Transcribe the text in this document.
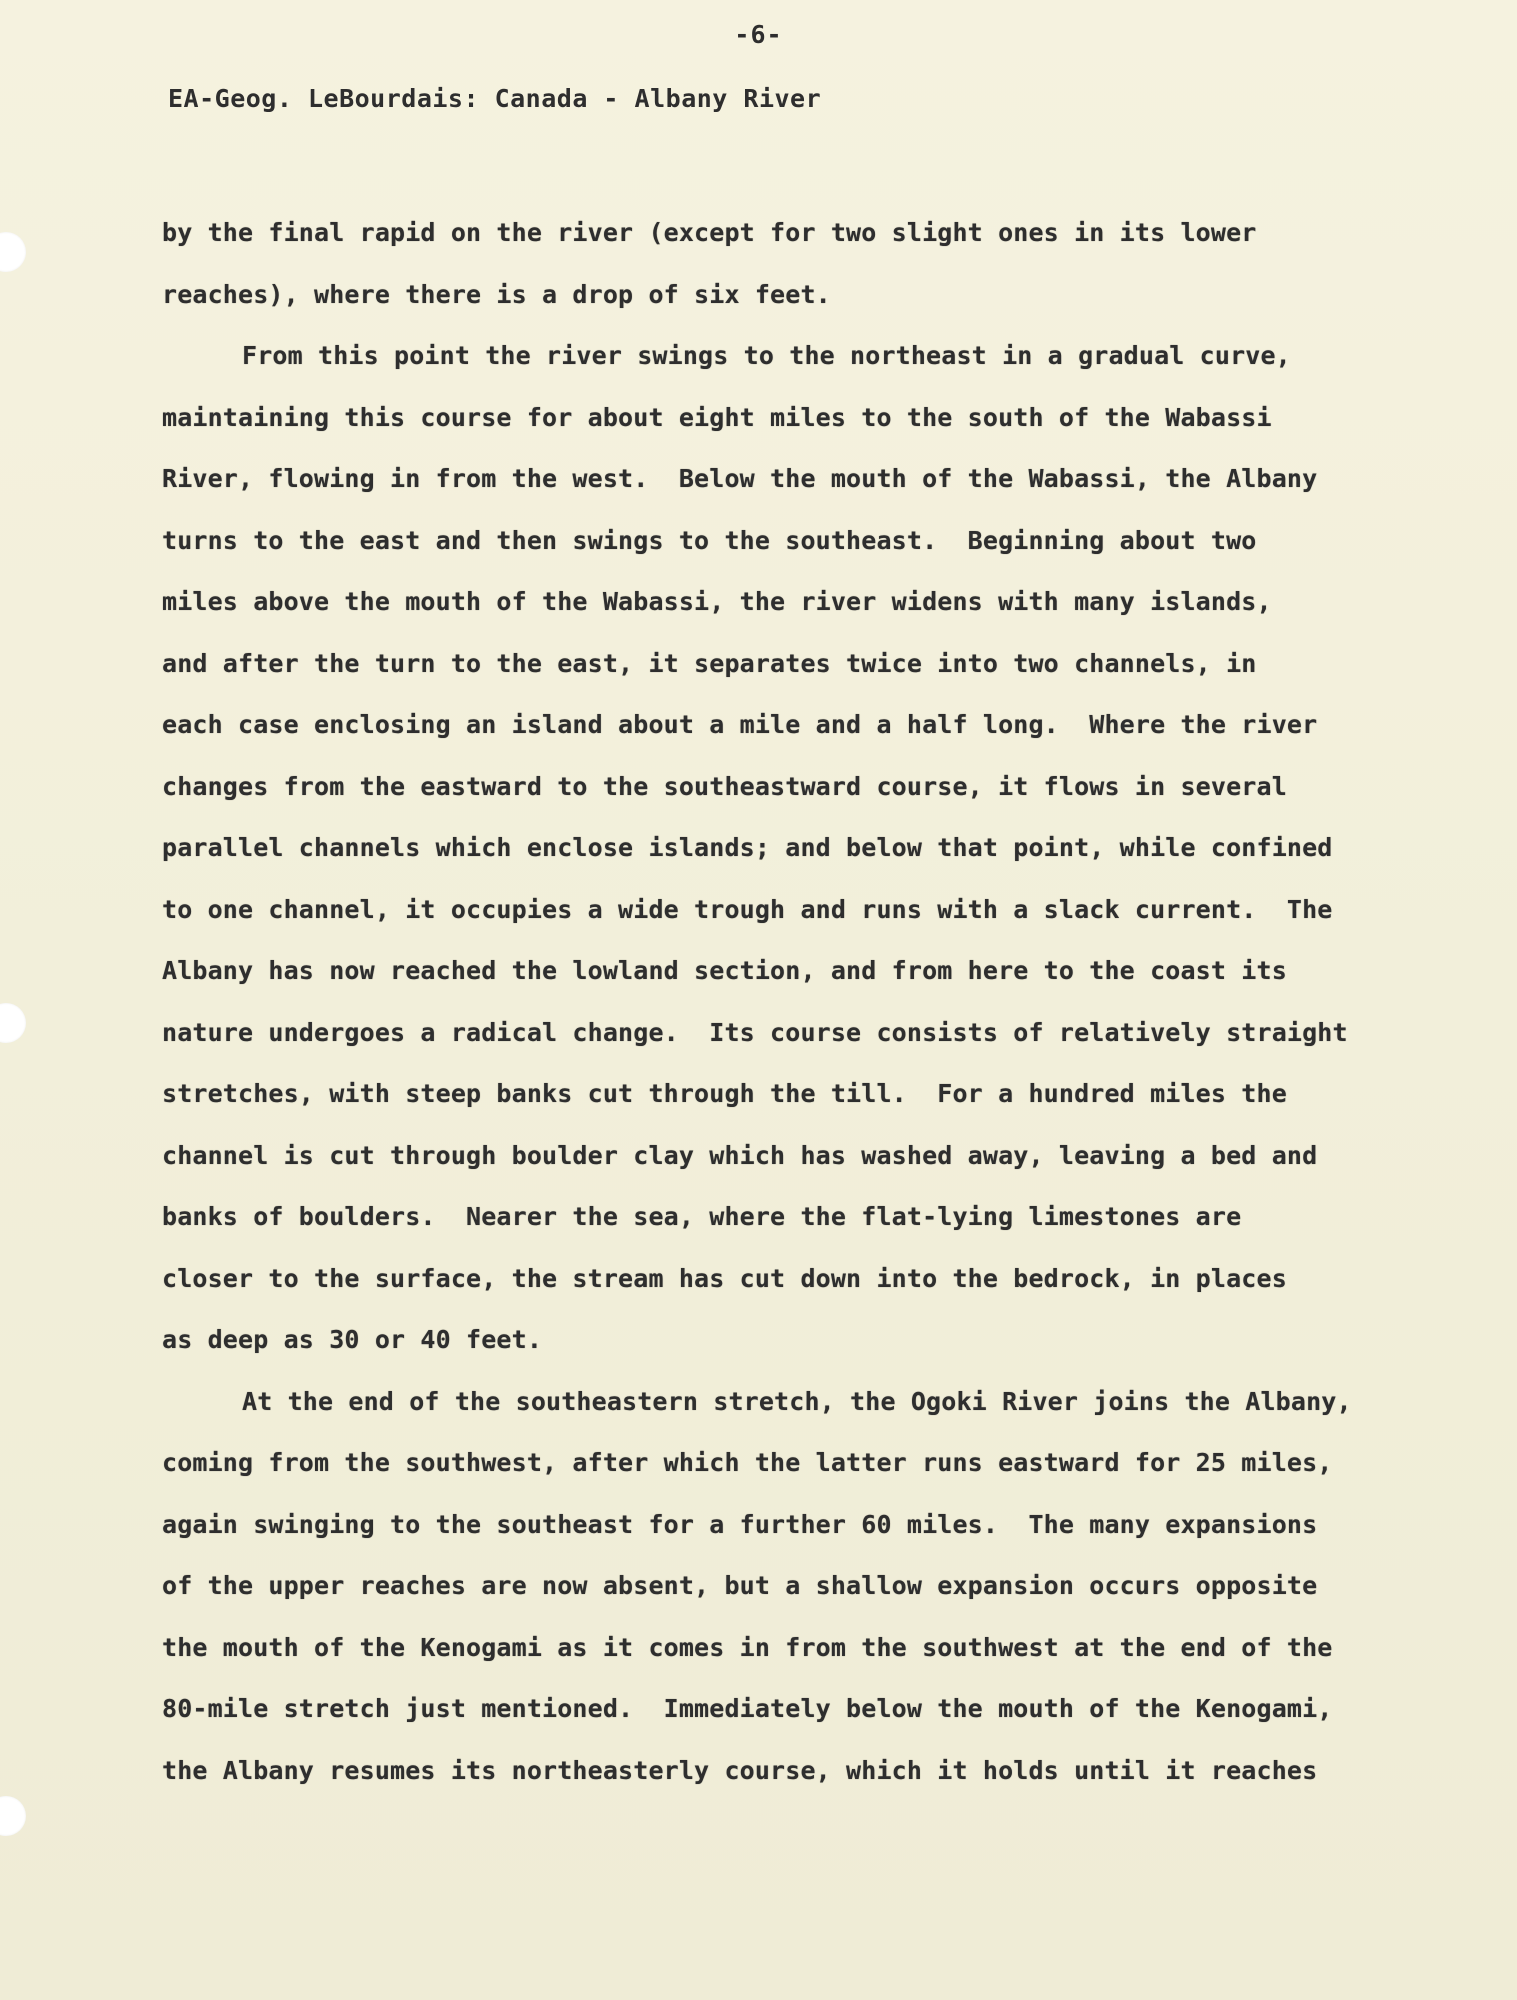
-6-
EA-Geog. LeBourdais: Canada - Albany River
by the final rapid on the river (except for two slight ones in its lower
reaches), where there is a drop of six feet.
From this point the river swings to the northeast in a gradual curve,
maintaining this course for about eight miles to the south of the Wabassi
River, flowing in from the west.  Below the mouth of the Wabassi, the Albany
turns to the east and then swings to the southeast.  Beginning about two
miles above the mouth of the Wabassi, the river widens with many islands,
and after the turn to the east, it separates twice into two channels, in
each case enclosing an island about a mile and a half long.  Where the river
changes from the eastward to the southeastward course, it flows in several
parallel channels which enclose islands; and below that point, while confined
to one channel, it occupies a wide trough and runs with a slack current.  The
Albany has now reached the lowland section, and from here to the coast its
nature undergoes a radical change.  Its course consists of relatively straight
stretches, with steep banks cut through the till.  For a hundred miles the
channel is cut through boulder clay which has washed away, leaving a bed and
banks of boulders.  Nearer the sea, where the flat-lying limestones are
closer to the surface, the stream has cut down into the bedrock, in places
as deep as 30 or 40 feet.
At the end of the southeastern stretch, the Ogoki River joins the Albany,
coming from the southwest, after which the latter runs eastward for 25 miles,
again swinging to the southeast for a further 60 miles.  The many expansions
of the upper reaches are now absent, but a shallow expansion occurs opposite
the mouth of the Kenogami as it comes in from the southwest at the end of the
80-mile stretch just mentioned.  Immediately below the mouth of the Kenogami,
the Albany resumes its northeasterly course, which it holds until it reaches
